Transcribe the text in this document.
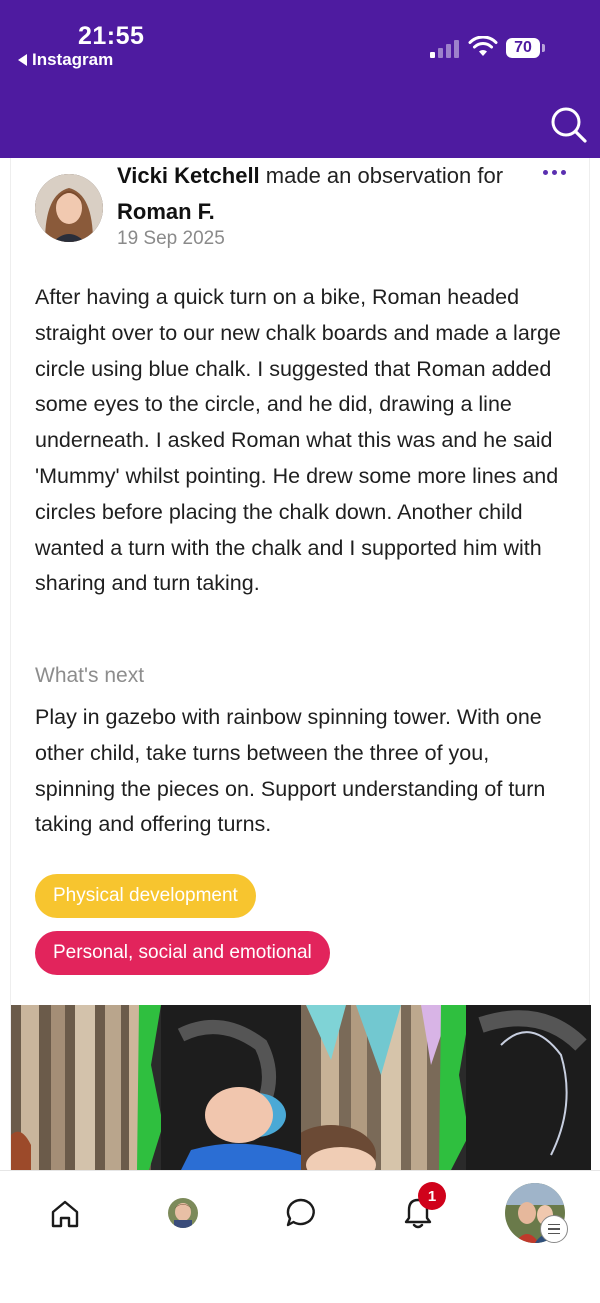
21:55
Instagram
70
Vicki Ketchell made an observation for Roman F.
19 Sep 2025
After having a quick turn on a bike, Roman headed straight over to our new chalk boards and made a large circle using blue chalk. I suggested that Roman added some eyes to the circle, and he did, drawing a line underneath. I asked Roman what this was and he said 'Mummy' whilst pointing. He drew some more lines and circles before placing the chalk down. Another child wanted a turn with the chalk and I supported him with sharing and turn taking.
What's next
Play in gazebo with rainbow spinning tower. With one other child, take turns between the three of you, spinning the pieces on. Support understanding of turn taking and offering turns.
Physical development
Personal, social and emotional
1
